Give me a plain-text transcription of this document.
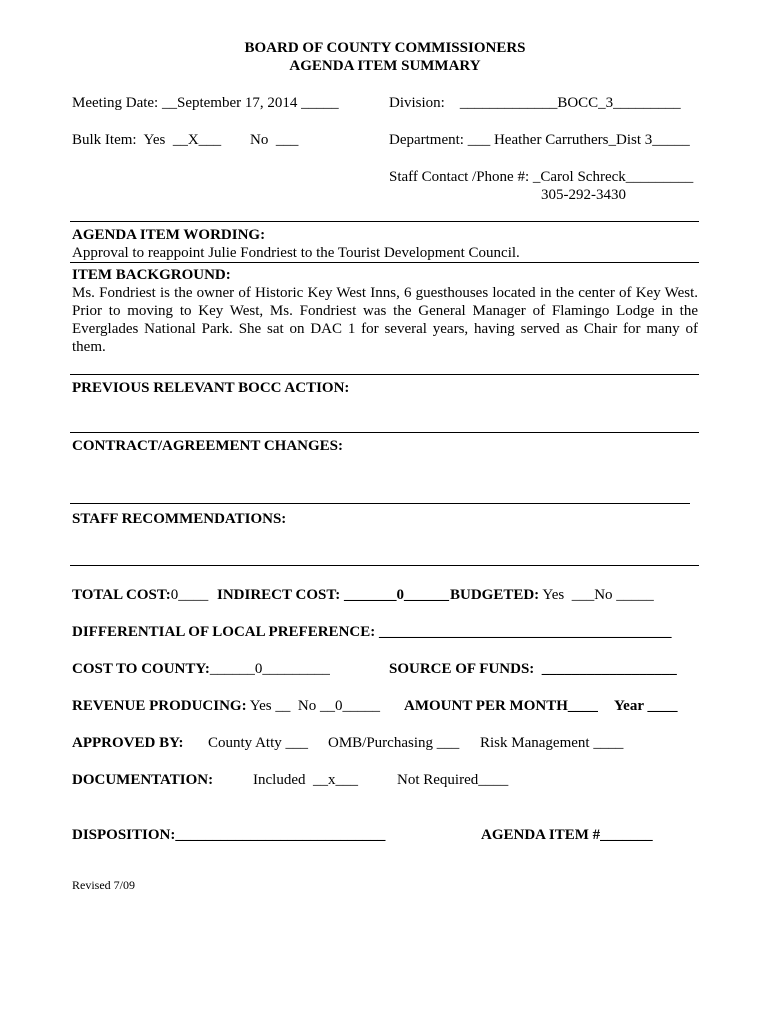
BOARD OF COUNTY COMMISSIONERS
AGENDA ITEM SUMMARY
Meeting Date: __September 17, 2014 _____	Division:    _____________BOCC_3_________
Bulk Item:  Yes  __X___ No  ___	Department: ___ Heather Carruthers_Dist 3_____
Staff Contact /Phone #: _Carol Schreck_________
305-292-3430
AGENDA ITEM WORDING:
Approval to reappoint Julie Fondriest to the Tourist Development Council.
ITEM BACKGROUND:
Ms. Fondriest is the owner of Historic Key West Inns, 6 guesthouses located in the center of Key West. Prior to moving to Key West, Ms. Fondriest was the General Manager of Flamingo Lodge in the Everglades National Park. She sat on DAC 1 for several years, having served as Chair for many of them.
PREVIOUS RELEVANT BOCC ACTION:
CONTRACT/AGREEMENT CHANGES:
STAFF RECOMMENDATIONS:
TOTAL COST:0____ INDIRECT COST: _______0______ BUDGETED: Yes  ___No _____
DIFFERENTIAL OF LOCAL PREFERENCE: _______________________________________
COST TO COUNTY:______0_________	SOURCE OF FUNDS:  __________________
REVENUE PRODUCING: Yes __  No __0_____ AMOUNT PER MONTH____ Year ____
APPROVED BY: County Atty ___ OMB/Purchasing ___ Risk Management ____
DOCUMENTATION:	Included  __x___	Not Required____
DISPOSITION:____________________________	AGENDA ITEM #_______
Revised 7/09
